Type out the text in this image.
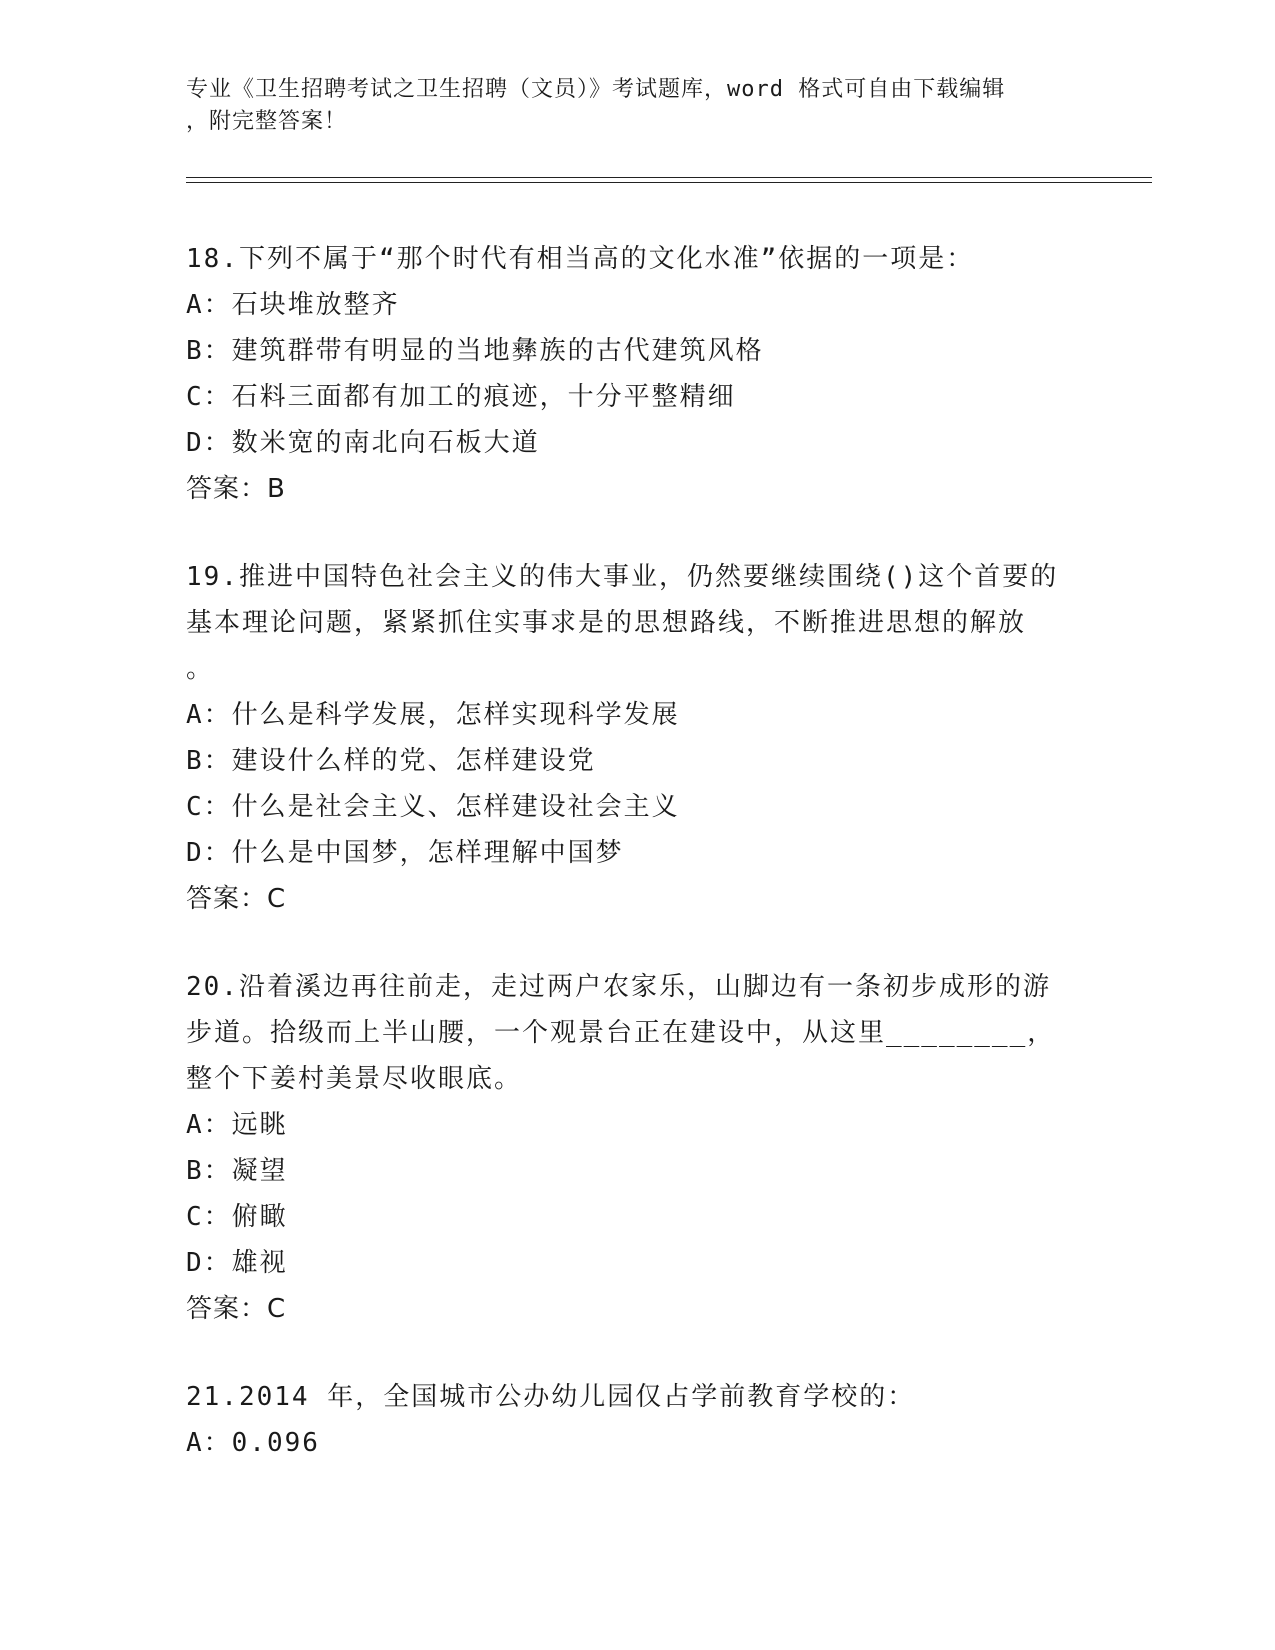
专业《卫生招聘考试之卫生招聘（文员）》考试题库，word 格式可自由下载编辑
，附完整答案！
18.下列不属于“那个时代有相当高的文化水准”依据的一项是：
A：石块堆放整齐
B：建筑群带有明显的当地彝族的古代建筑风格
C：石料三面都有加工的痕迹，十分平整精细
D：数米宽的南北向石板大道
答案：B
19.推进中国特色社会主义的伟大事业，仍然要继续围绕()这个首要的
基本理论问题，紧紧抓住实事求是的思想路线，不断推进思想的解放
。
A：什么是科学发展，怎样实现科学发展
B：建设什么样的党、怎样建设党
C：什么是社会主义、怎样建设社会主义
D：什么是中国梦，怎样理解中国梦
答案：C
20.沿着溪边再往前走，走过两户农家乐，山脚边有一条初步成形的游
步道。拾级而上半山腰，一个观景台正在建设中，从这里________，
整个下姜村美景尽收眼底。
A：远眺
B：凝望
C：俯瞰
D：雄视
答案：C
21.2014 年，全国城市公办幼儿园仅占学前教育学校的：
A：0.096
